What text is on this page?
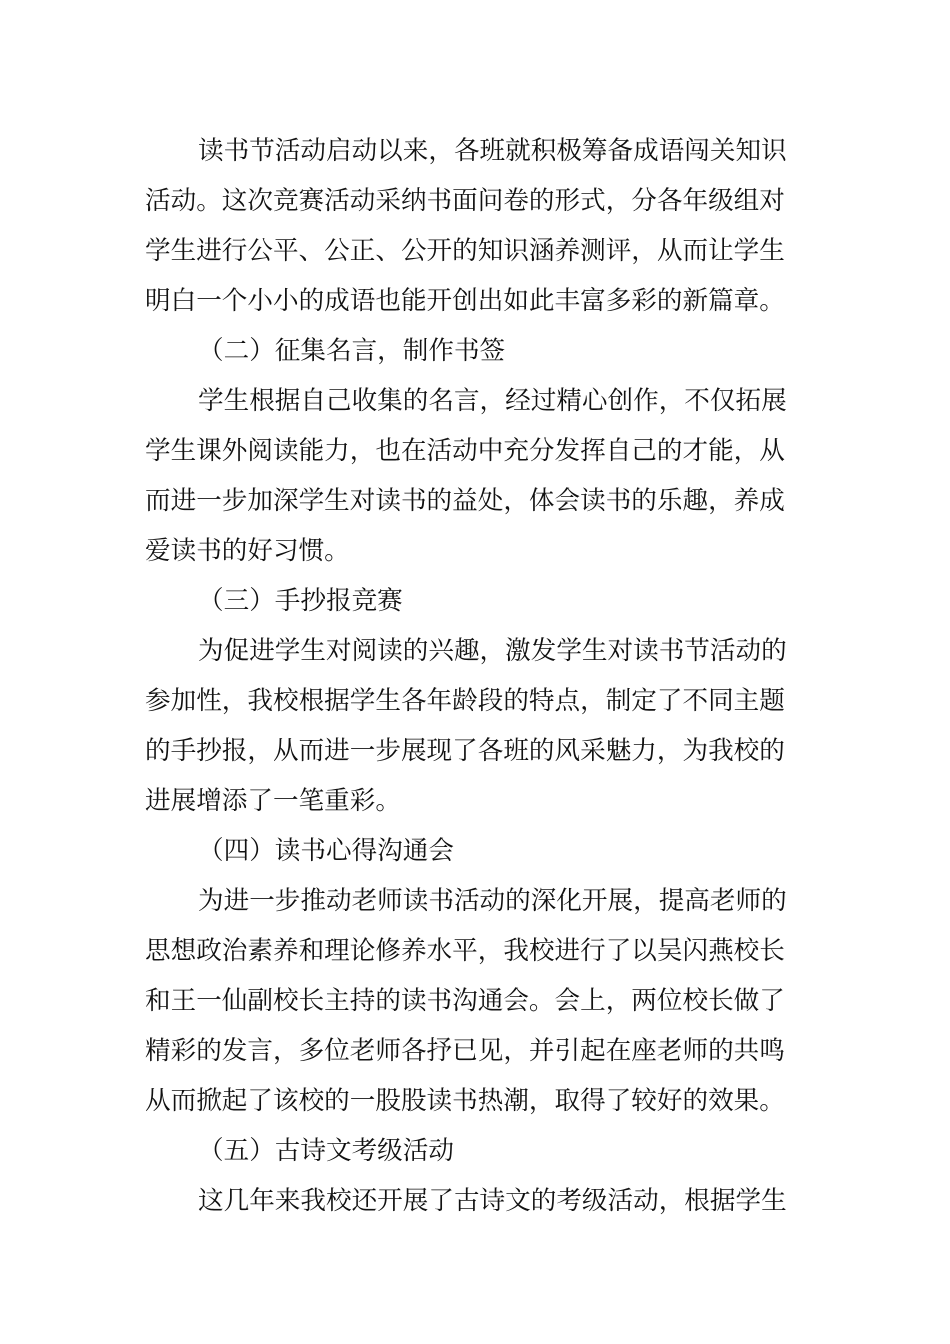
读书节活动启动以来，各班就积极筹备成语闯关知识
活动。这次竞赛活动采纳书面问卷的形式，分各年级组对
学生进行公平、公正、公开的知识涵养测评，从而让学生
明白一个小小的成语也能开创出如此丰富多彩的新篇章。
（二）征集名言，制作书签
学生根据自己收集的名言，经过精心创作，不仅拓展
学生课外阅读能力，也在活动中充分发挥自己的才能，从
而进一步加深学生对读书的益处，体会读书的乐趣，养成
爱读书的好习惯。
（三）手抄报竞赛
为促进学生对阅读的兴趣，激发学生对读书节活动的
参加性，我校根据学生各年龄段的特点，制定了不同主题
的手抄报，从而进一步展现了各班的风采魅力，为我校的
进展增添了一笔重彩。
（四）读书心得沟通会
为进一步推动老师读书活动的深化开展，提高老师的
思想政治素养和理论修养水平，我校进行了以吴闪燕校长
和王一仙副校长主持的读书沟通会。会上，两位校长做了
精彩的发言，多位老师各抒已见，并引起在座老师的共鸣
从而掀起了该校的一股股读书热潮，取得了较好的效果。
（五）古诗文考级活动
这几年来我校还开展了古诗文的考级活动，根据学生
